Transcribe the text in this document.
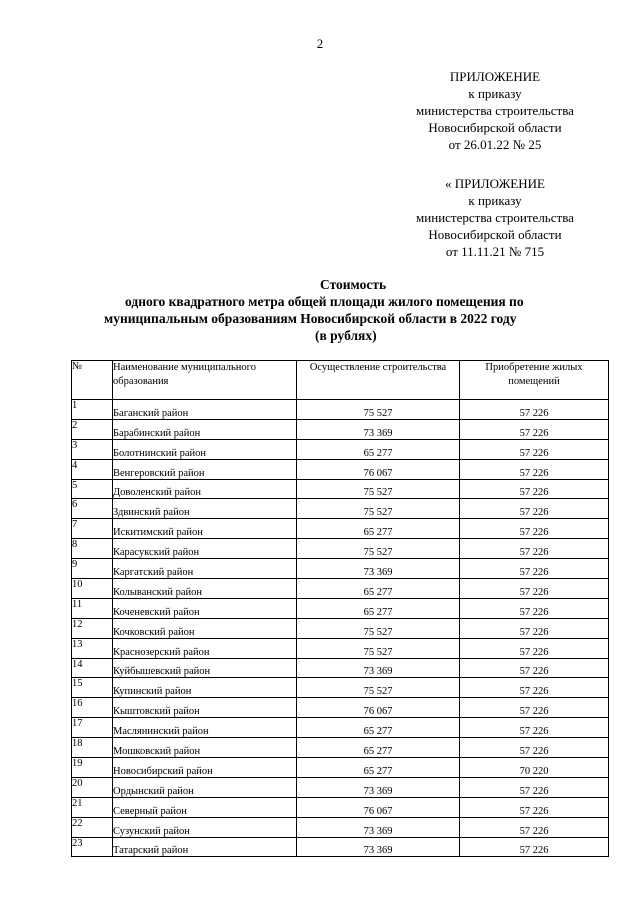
2
ПРИЛОЖЕНИЕ
к приказу
министерства строительства
Новосибирской области
от 26.01.22 № 25
« ПРИЛОЖЕНИЕ
к приказу
министерства строительства
Новосибирской области
от 11.11.21 № 715
Стоимость
одного квадратного метра общей площади жилого помещения по
муниципальным образованиям Новосибирской области в 2022 году
(в рублях)
№	Наименование муниципального образования	Осуществление строительства	Приобретение жилых помещений
1	Баганский район	75 527	57 226
2	Барабинский район	73 369	57 226
3	Болотнинский район	65 277	57 226
4	Венгеровский район	76 067	57 226
5	Доволенский район	75 527	57 226
6	Здвинский район	75 527	57 226
7	Искитимский район	65 277	57 226
8	Карасукский район	75 527	57 226
9	Каргатский район	73 369	57 226
10	Колыванский район	65 277	57 226
11	Коченевский район	65 277	57 226
12	Кочковский район	75 527	57 226
13	Краснозерский район	75 527	57 226
14	Куйбышевский район	73 369	57 226
15	Купинский район	75 527	57 226
16	Кыштовский район	76 067	57 226
17	Маслянинский район	65 277	57 226
18	Мошковский район	65 277	57 226
19	Новосибирский район	65 277	70 220
20	Ордынский район	73 369	57 226
21	Северный район	76 067	57 226
22	Сузунский район	73 369	57 226
23	Татарский район	73 369	57 226
